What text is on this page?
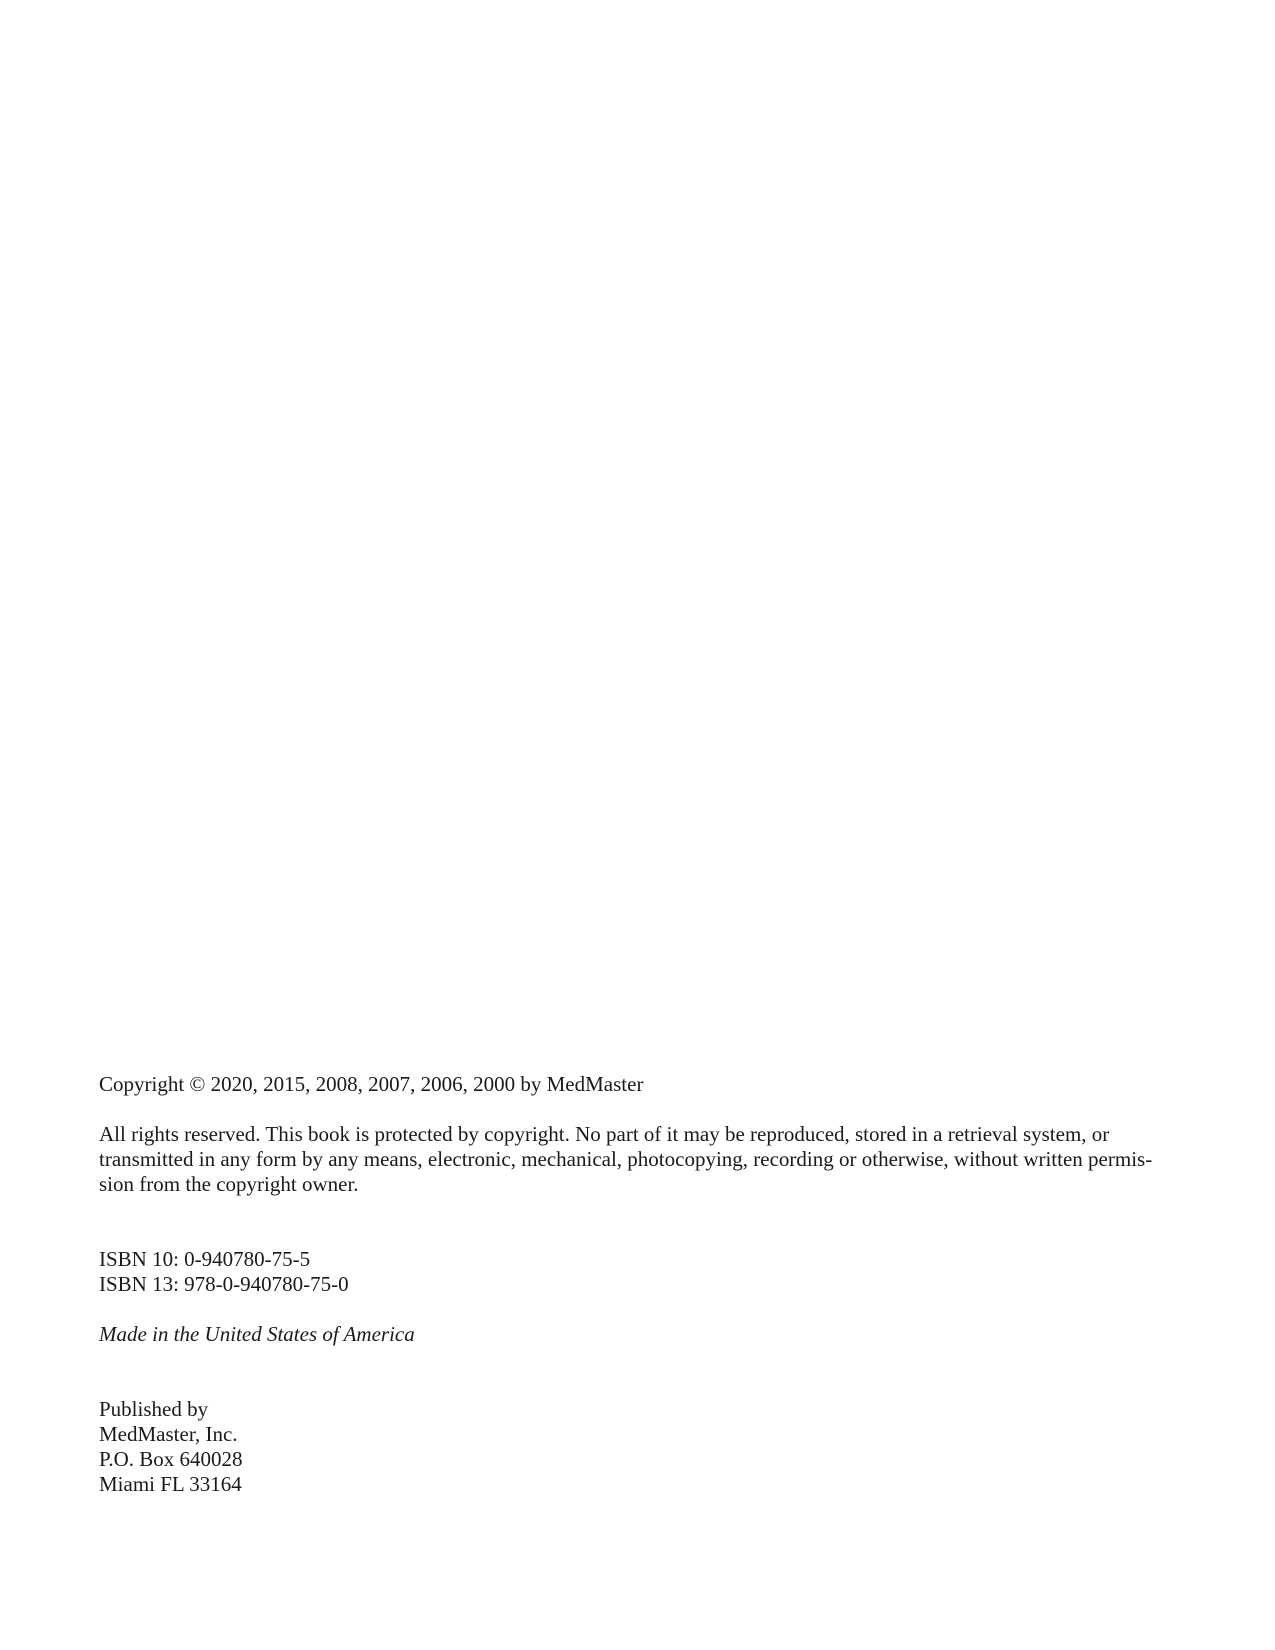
Copyright © 2020, 2015, 2008, 2007, 2006, 2000 by MedMaster

All rights reserved. This book is protected by copyright. No part of it may be reproduced, stored in a retrieval system, or
transmitted in any form by any means, electronic, mechanical, photocopying, recording or otherwise, without written permis-
sion from the copyright owner.

ISBN 10: 0-940780-75-5
ISBN 13: 978-0-940780-75-0

Made in the United States of America

Published by
MedMaster, Inc.
P.O. Box 640028
Miami FL 33164
